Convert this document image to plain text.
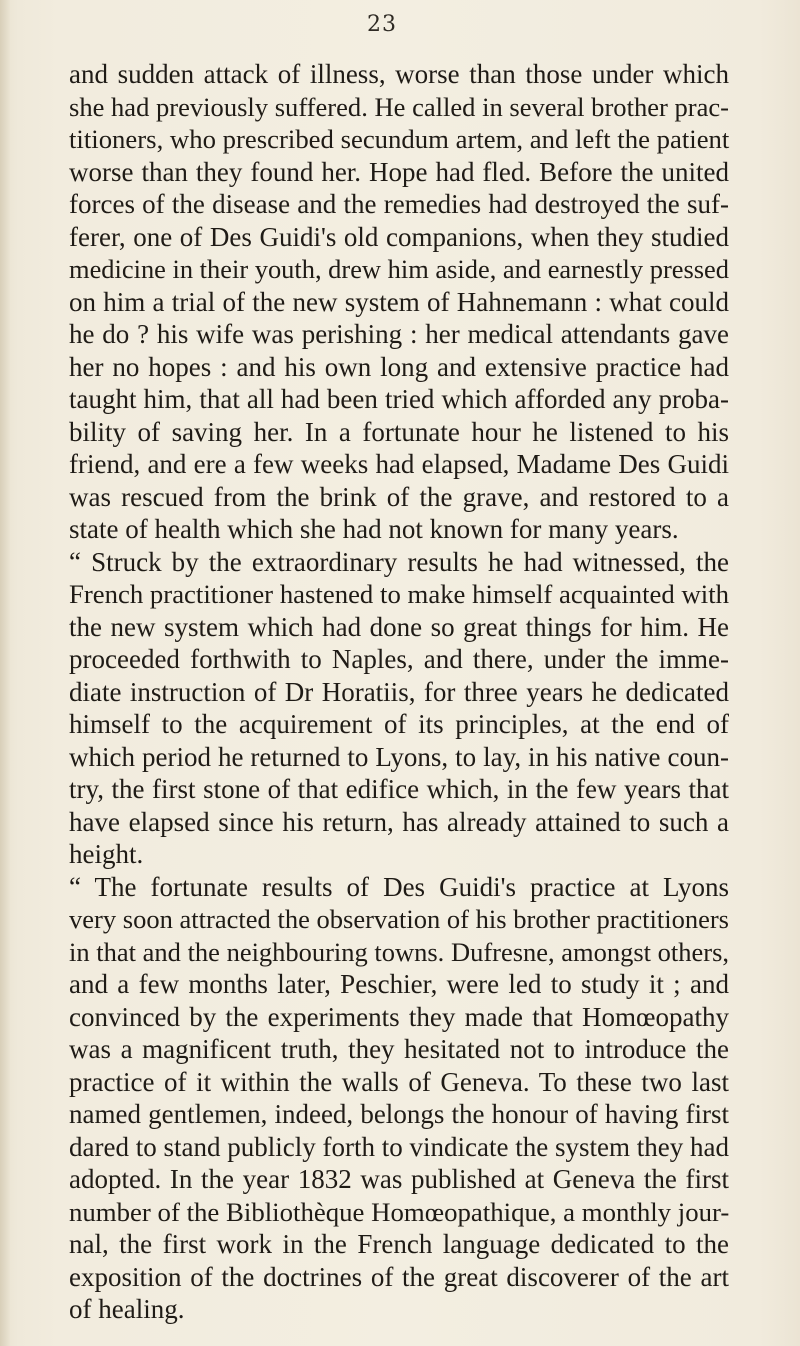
23
and sudden attack of illness, worse than those under which
she had previously suffered. He called in several brother prac-
titioners, who prescribed secundum artem, and left the patient
worse than they found her. Hope had fled. Before the united
forces of the disease and the remedies had destroyed the suf-
ferer, one of Des Guidi's old companions, when they studied
medicine in their youth, drew him aside, and earnestly pressed
on him a trial of the new system of Hahnemann : what could
he do ? his wife was perishing : her medical attendants gave
her no hopes : and his own long and extensive practice had
taught him, that all had been tried which afforded any proba-
bility of saving her. In a fortunate hour he listened to his
friend, and ere a few weeks had elapsed, Madame Des Guidi
was rescued from the brink of the grave, and restored to a
state of health which she had not known for many years.
“ Struck by the extraordinary results he had witnessed, the
French practitioner hastened to make himself acquainted with
the new system which had done so great things for him. He
proceeded forthwith to Naples, and there, under the imme-
diate instruction of Dr Horatiis, for three years he dedicated
himself to the acquirement of its principles, at the end of
which period he returned to Lyons, to lay, in his native coun-
try, the first stone of that edifice which, in the few years that
have elapsed since his return, has already attained to such a
height.
“ The fortunate results of Des Guidi's practice at Lyons
very soon attracted the observation of his brother practitioners
in that and the neighbouring towns. Dufresne, amongst others,
and a few months later, Peschier, were led to study it ; and
convinced by the experiments they made that Homœopathy
was a magnificent truth, they hesitated not to introduce the
practice of it within the walls of Geneva. To these two last
named gentlemen, indeed, belongs the honour of having first
dared to stand publicly forth to vindicate the system they had
adopted. In the year 1832 was published at Geneva the first
number of the Bibliothèque Homœopathique, a monthly jour-
nal, the first work in the French language dedicated to the
exposition of the doctrines of the great discoverer of the art
of healing.
